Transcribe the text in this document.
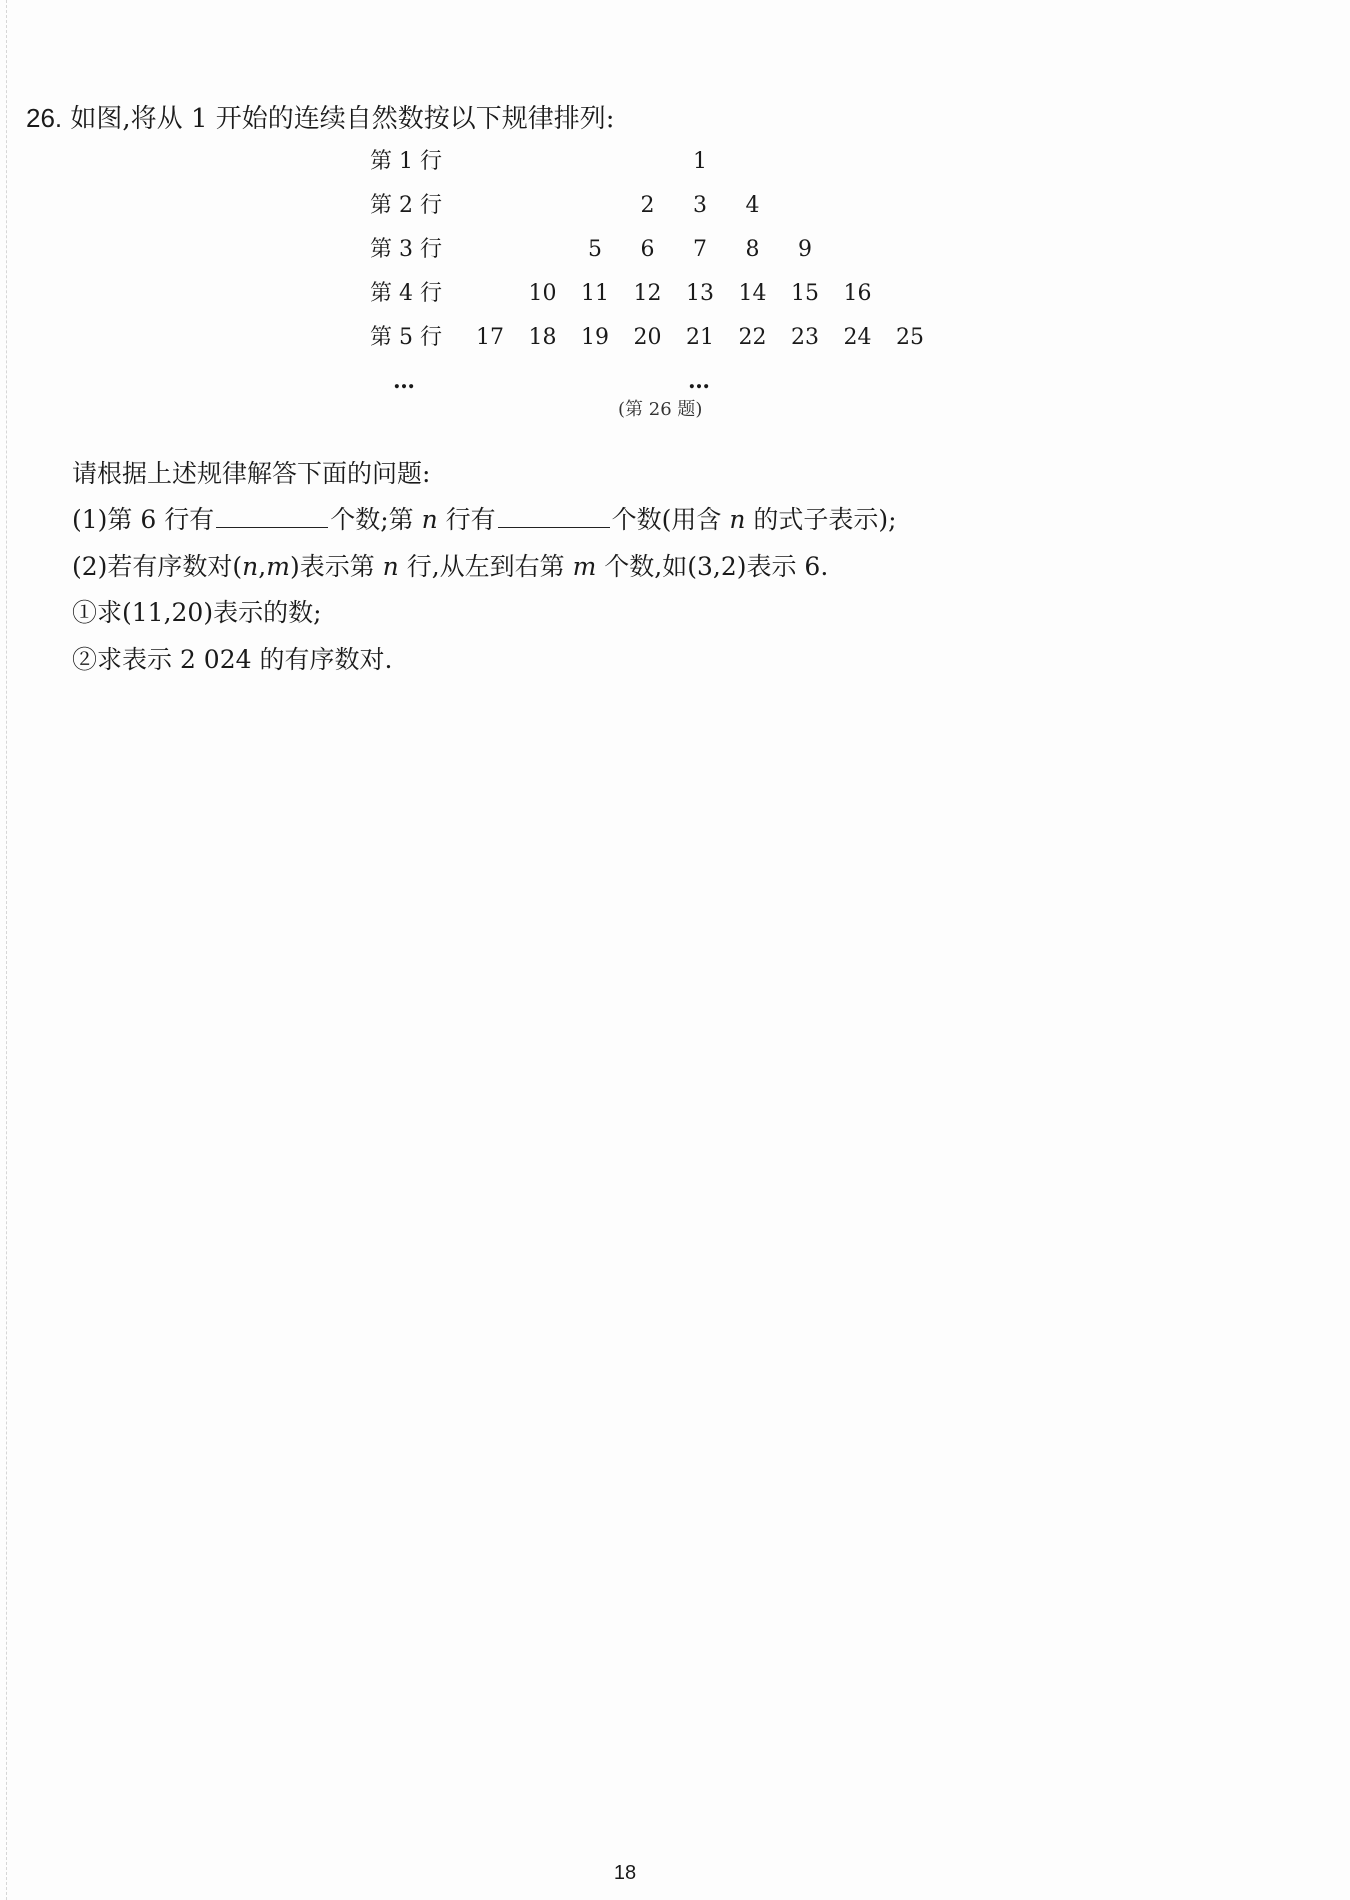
26. 如图,将从 1 开始的连续自然数按以下规律排列:
第 1 行	1
第 2 行	2	3	4
第 3 行	5	6	7	8	9
第 4 行	10	11	12	13	14	15	16
第 5 行	17	18	19	20	21	22	23	24	25
…	…
(第 26 题)
请根据上述规律解答下面的问题:
(1)第 6 行有	个数;第 n 行有	个数(用含 n 的式子表示);
(2)若有序数对(n,m)表示第 n 行,从左到右第 m 个数,如(3,2)表示 6.
①求(11,20)表示的数;
②求表示 2 024 的有序数对.
18
